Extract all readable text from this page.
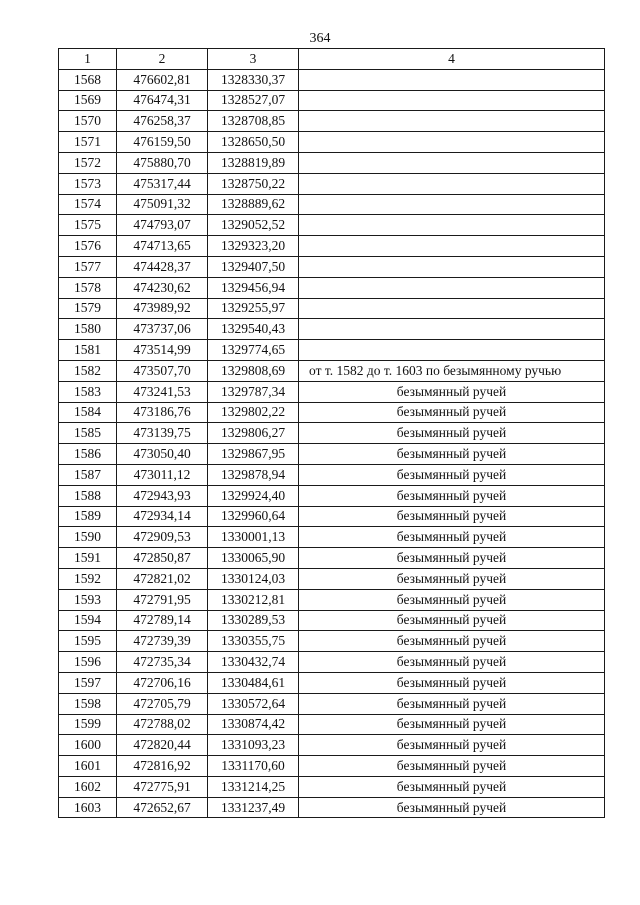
364
1	2	3	4
1568	476602,81	1328330,37	
1569	476474,31	1328527,07	
1570	476258,37	1328708,85	
1571	476159,50	1328650,50	
1572	475880,70	1328819,89	
1573	475317,44	1328750,22	
1574	475091,32	1328889,62	
1575	474793,07	1329052,52	
1576	474713,65	1329323,20	
1577	474428,37	1329407,50	
1578	474230,62	1329456,94	
1579	473989,92	1329255,97	
1580	473737,06	1329540,43	
1581	473514,99	1329774,65	
1582	473507,70	1329808,69	от т. 1582 до т. 1603 по безымянному ручью
1583	473241,53	1329787,34	безымянный ручей
1584	473186,76	1329802,22	безымянный ручей
1585	473139,75	1329806,27	безымянный ручей
1586	473050,40	1329867,95	безымянный ручей
1587	473011,12	1329878,94	безымянный ручей
1588	472943,93	1329924,40	безымянный ручей
1589	472934,14	1329960,64	безымянный ручей
1590	472909,53	1330001,13	безымянный ручей
1591	472850,87	1330065,90	безымянный ручей
1592	472821,02	1330124,03	безымянный ручей
1593	472791,95	1330212,81	безымянный ручей
1594	472789,14	1330289,53	безымянный ручей
1595	472739,39	1330355,75	безымянный ручей
1596	472735,34	1330432,74	безымянный ручей
1597	472706,16	1330484,61	безымянный ручей
1598	472705,79	1330572,64	безымянный ручей
1599	472788,02	1330874,42	безымянный ручей
1600	472820,44	1331093,23	безымянный ручей
1601	472816,92	1331170,60	безымянный ручей
1602	472775,91	1331214,25	безымянный ручей
1603	472652,67	1331237,49	безымянный ручей
